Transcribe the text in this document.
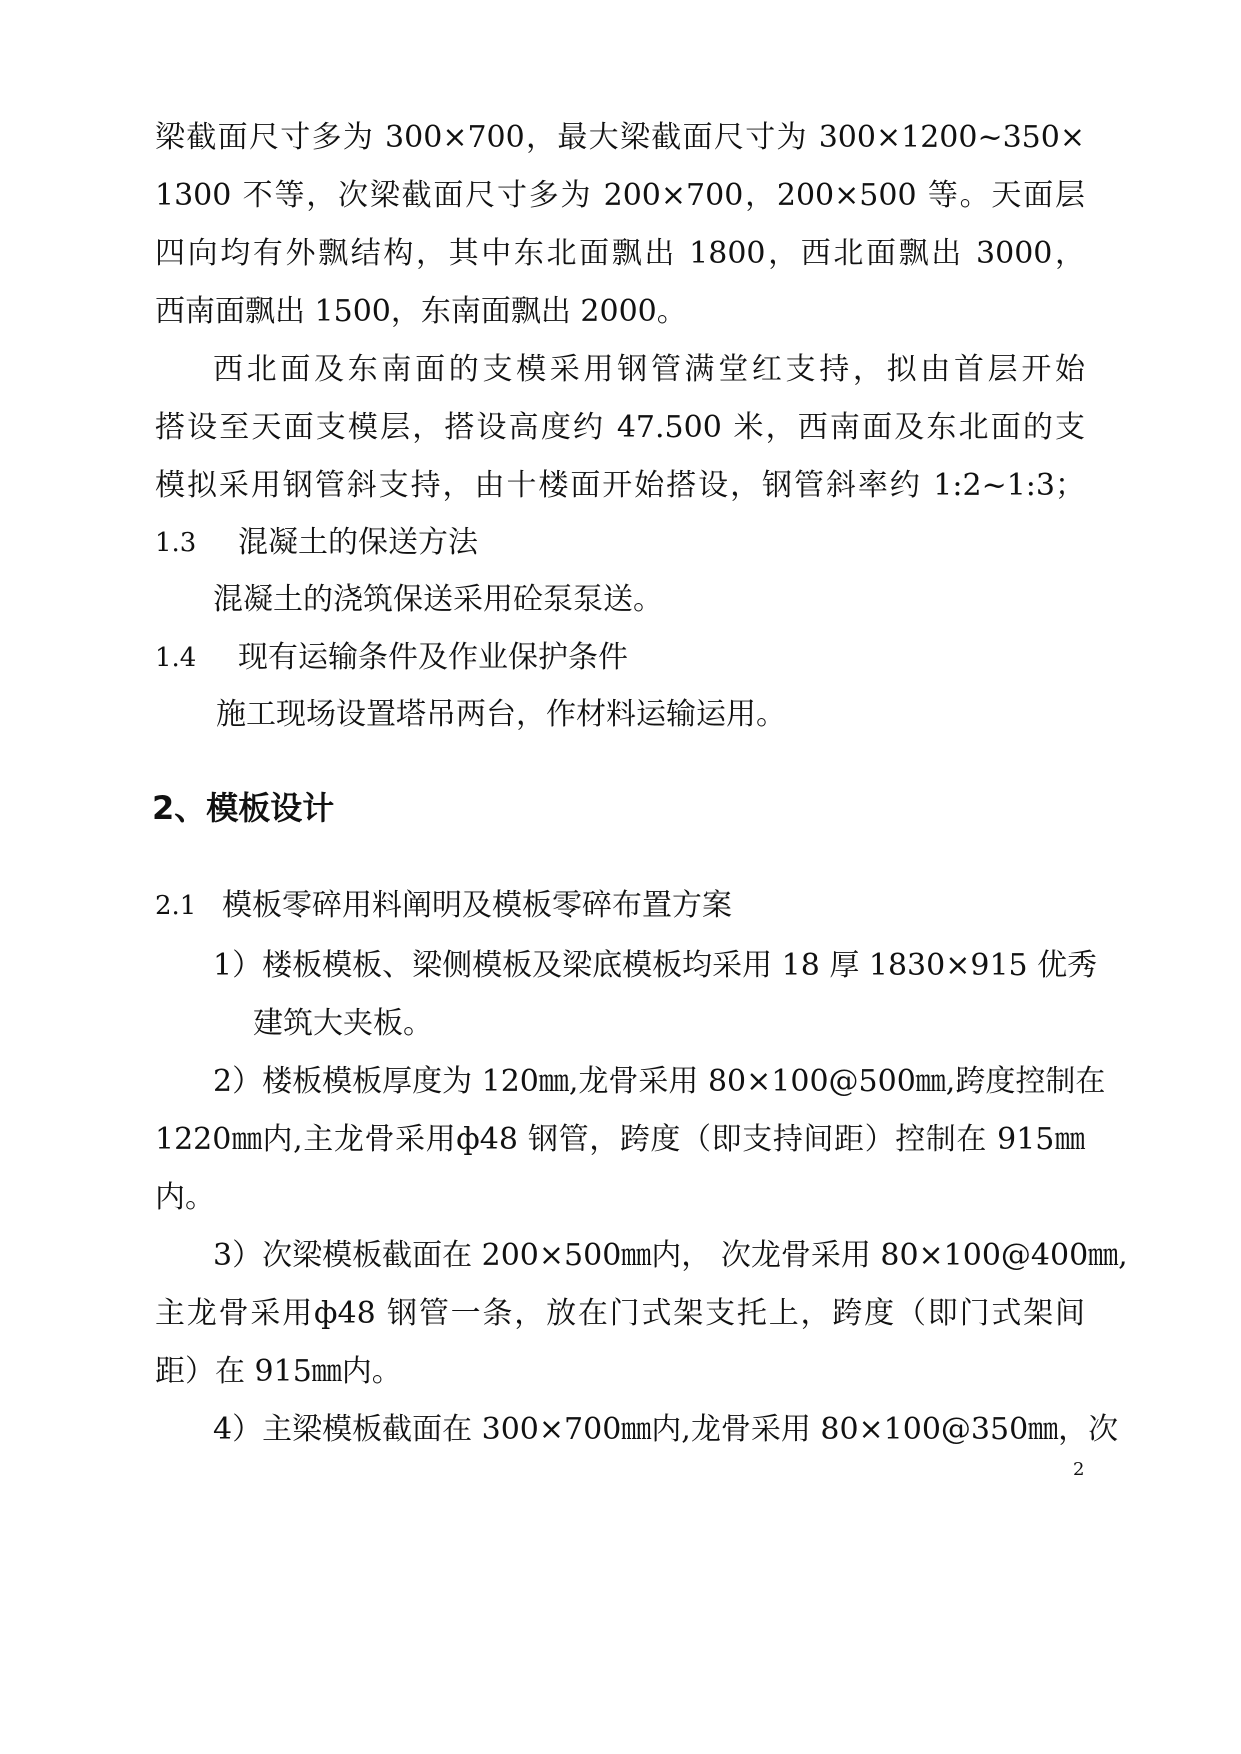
梁截面尺寸多为 300×700，最大梁截面尺寸为 300×1200~350×
1300 不等，次梁截面尺寸多为 200×700，200×500 等。天面层
四向均有外飘结构，其中东北面飘出 1800，西北面飘出 3000，
西南面飘出 1500，东南面飘出 2000。
西北面及东南面的支模采用钢管满堂红支持，拟由首层开始
搭设至天面支模层，搭设高度约 47.500 米，西南面及东北面的支
模拟采用钢管斜支持，由十楼面开始搭设，钢管斜率约 1:2~1:3；
1.3 混凝土的保送方法
混凝土的浇筑保送采用砼泵泵送。
1.4 现有运输条件及作业保护条件
施工现场设置塔吊两台，作材料运输运用。
2、模板设计
2.1 模板零碎用料阐明及模板零碎布置方案
1）楼板模板、梁侧模板及梁底模板均采用 18 厚 1830×915 优秀
建筑大夹板。
2）楼板模板厚度为 120㎜,龙骨采用 80×100@500㎜,跨度控制在
1220㎜内,主龙骨采用ф48 钢管，跨度（即支持间距）控制在 915㎜
内。
3）次梁模板截面在 200×500㎜内， 次龙骨采用 80×100@400㎜,
主龙骨采用ф48 钢管一条，放在门式架支托上，跨度（即门式架间
距）在 915㎜内。
4）主梁模板截面在 300×700㎜内,龙骨采用 80×100@350㎜，次
2
